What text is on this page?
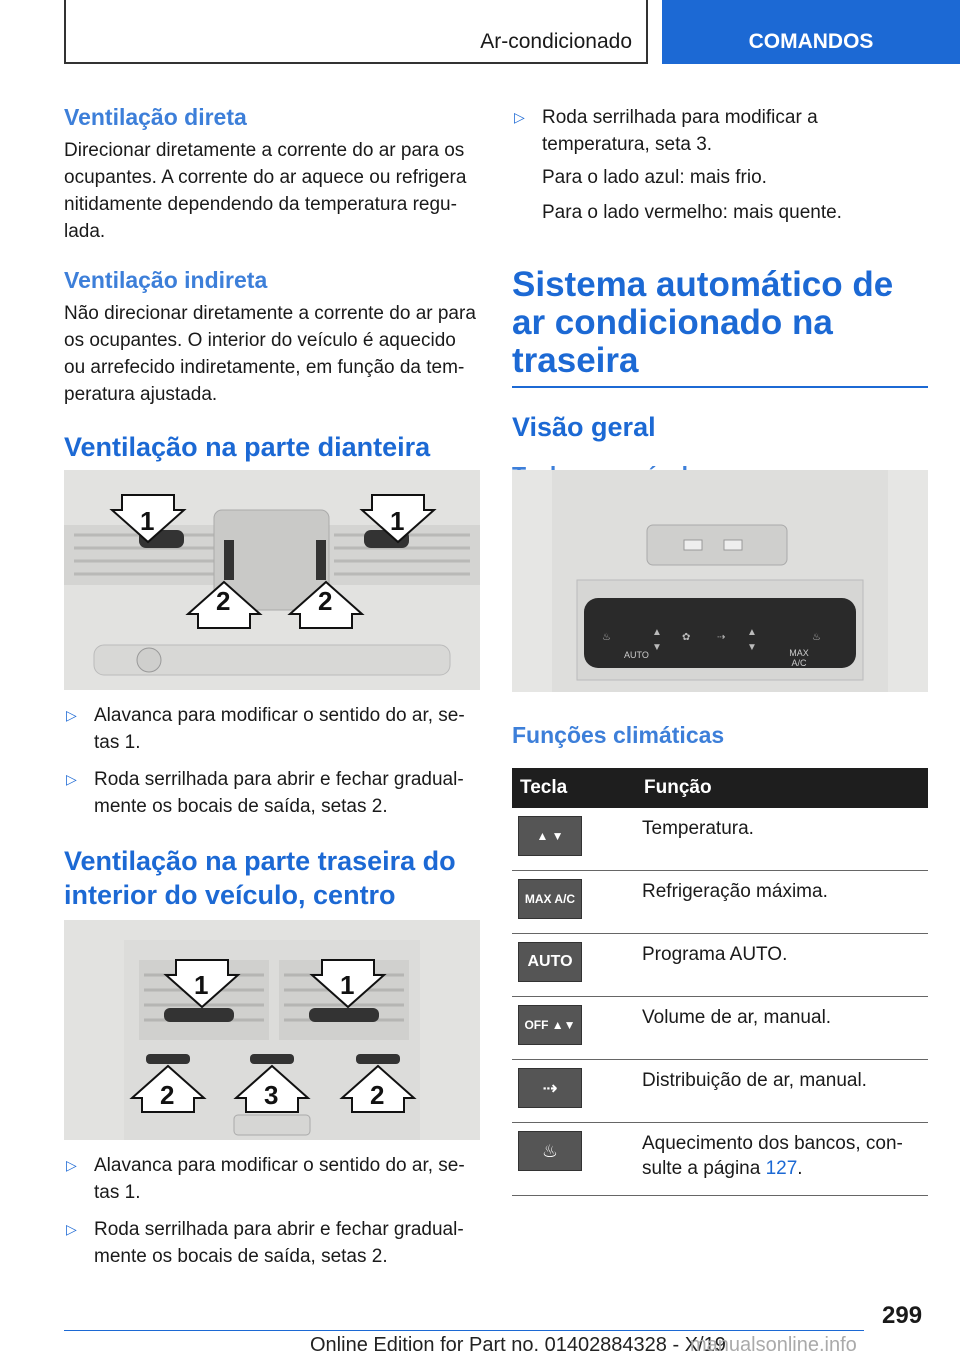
Ar-condicionado	COMANDOS
Ventilação direta

Direcionar diretamente a corrente do ar para os ocupantes. A corrente do ar aquece ou refrigera nitidamente dependendo da temperatura regu-lada.

Ventilação indireta

Não direcionar diretamente a corrente do ar para os ocupantes. O interior do veículo é aquecido ou arrefecido indiretamente, em função da tem-peratura ajustada.

Ventilação na parte dianteira
1	1
2	2

▷ Alavanca para modificar o sentido do ar, se-tas 1.

▷ Roda serrilhada para abrir e fechar gradual-mente os bocais de saída, setas 2.

Ventilação na parte traseira do interior do veículo, centro
1	1
2	3	2

▷ Alavanca para modificar o sentido do ar, se-tas 1.

▷ Roda serrilhada para abrir e fechar gradual-mente os bocais de saída, setas 2.

▷ Roda serrilhada para modificar a temperatura, seta 3.

Para o lado azul: mais frio.

Para o lado vermelho: mais quente.

Sistema automático de ar condicionado na traseira
Visão geral
♨	▲
▼
✿	⇢ ▲
▼
♨
AUTO	MAX A/C
Funções climáticas
Tecla	Função

▲ ▼	Temperatura.

MAX A/C	Refrigeração máxima.

AUTO	Programa AUTO.

OFF ▲▼	Volume de ar, manual.

⇢	Distribuição de ar, manual.

♨	Aquecimento dos bancos, con-sulte a página 127.
299
Online Edition for Part no. 01402884328 - X/19
manualsonline.info
